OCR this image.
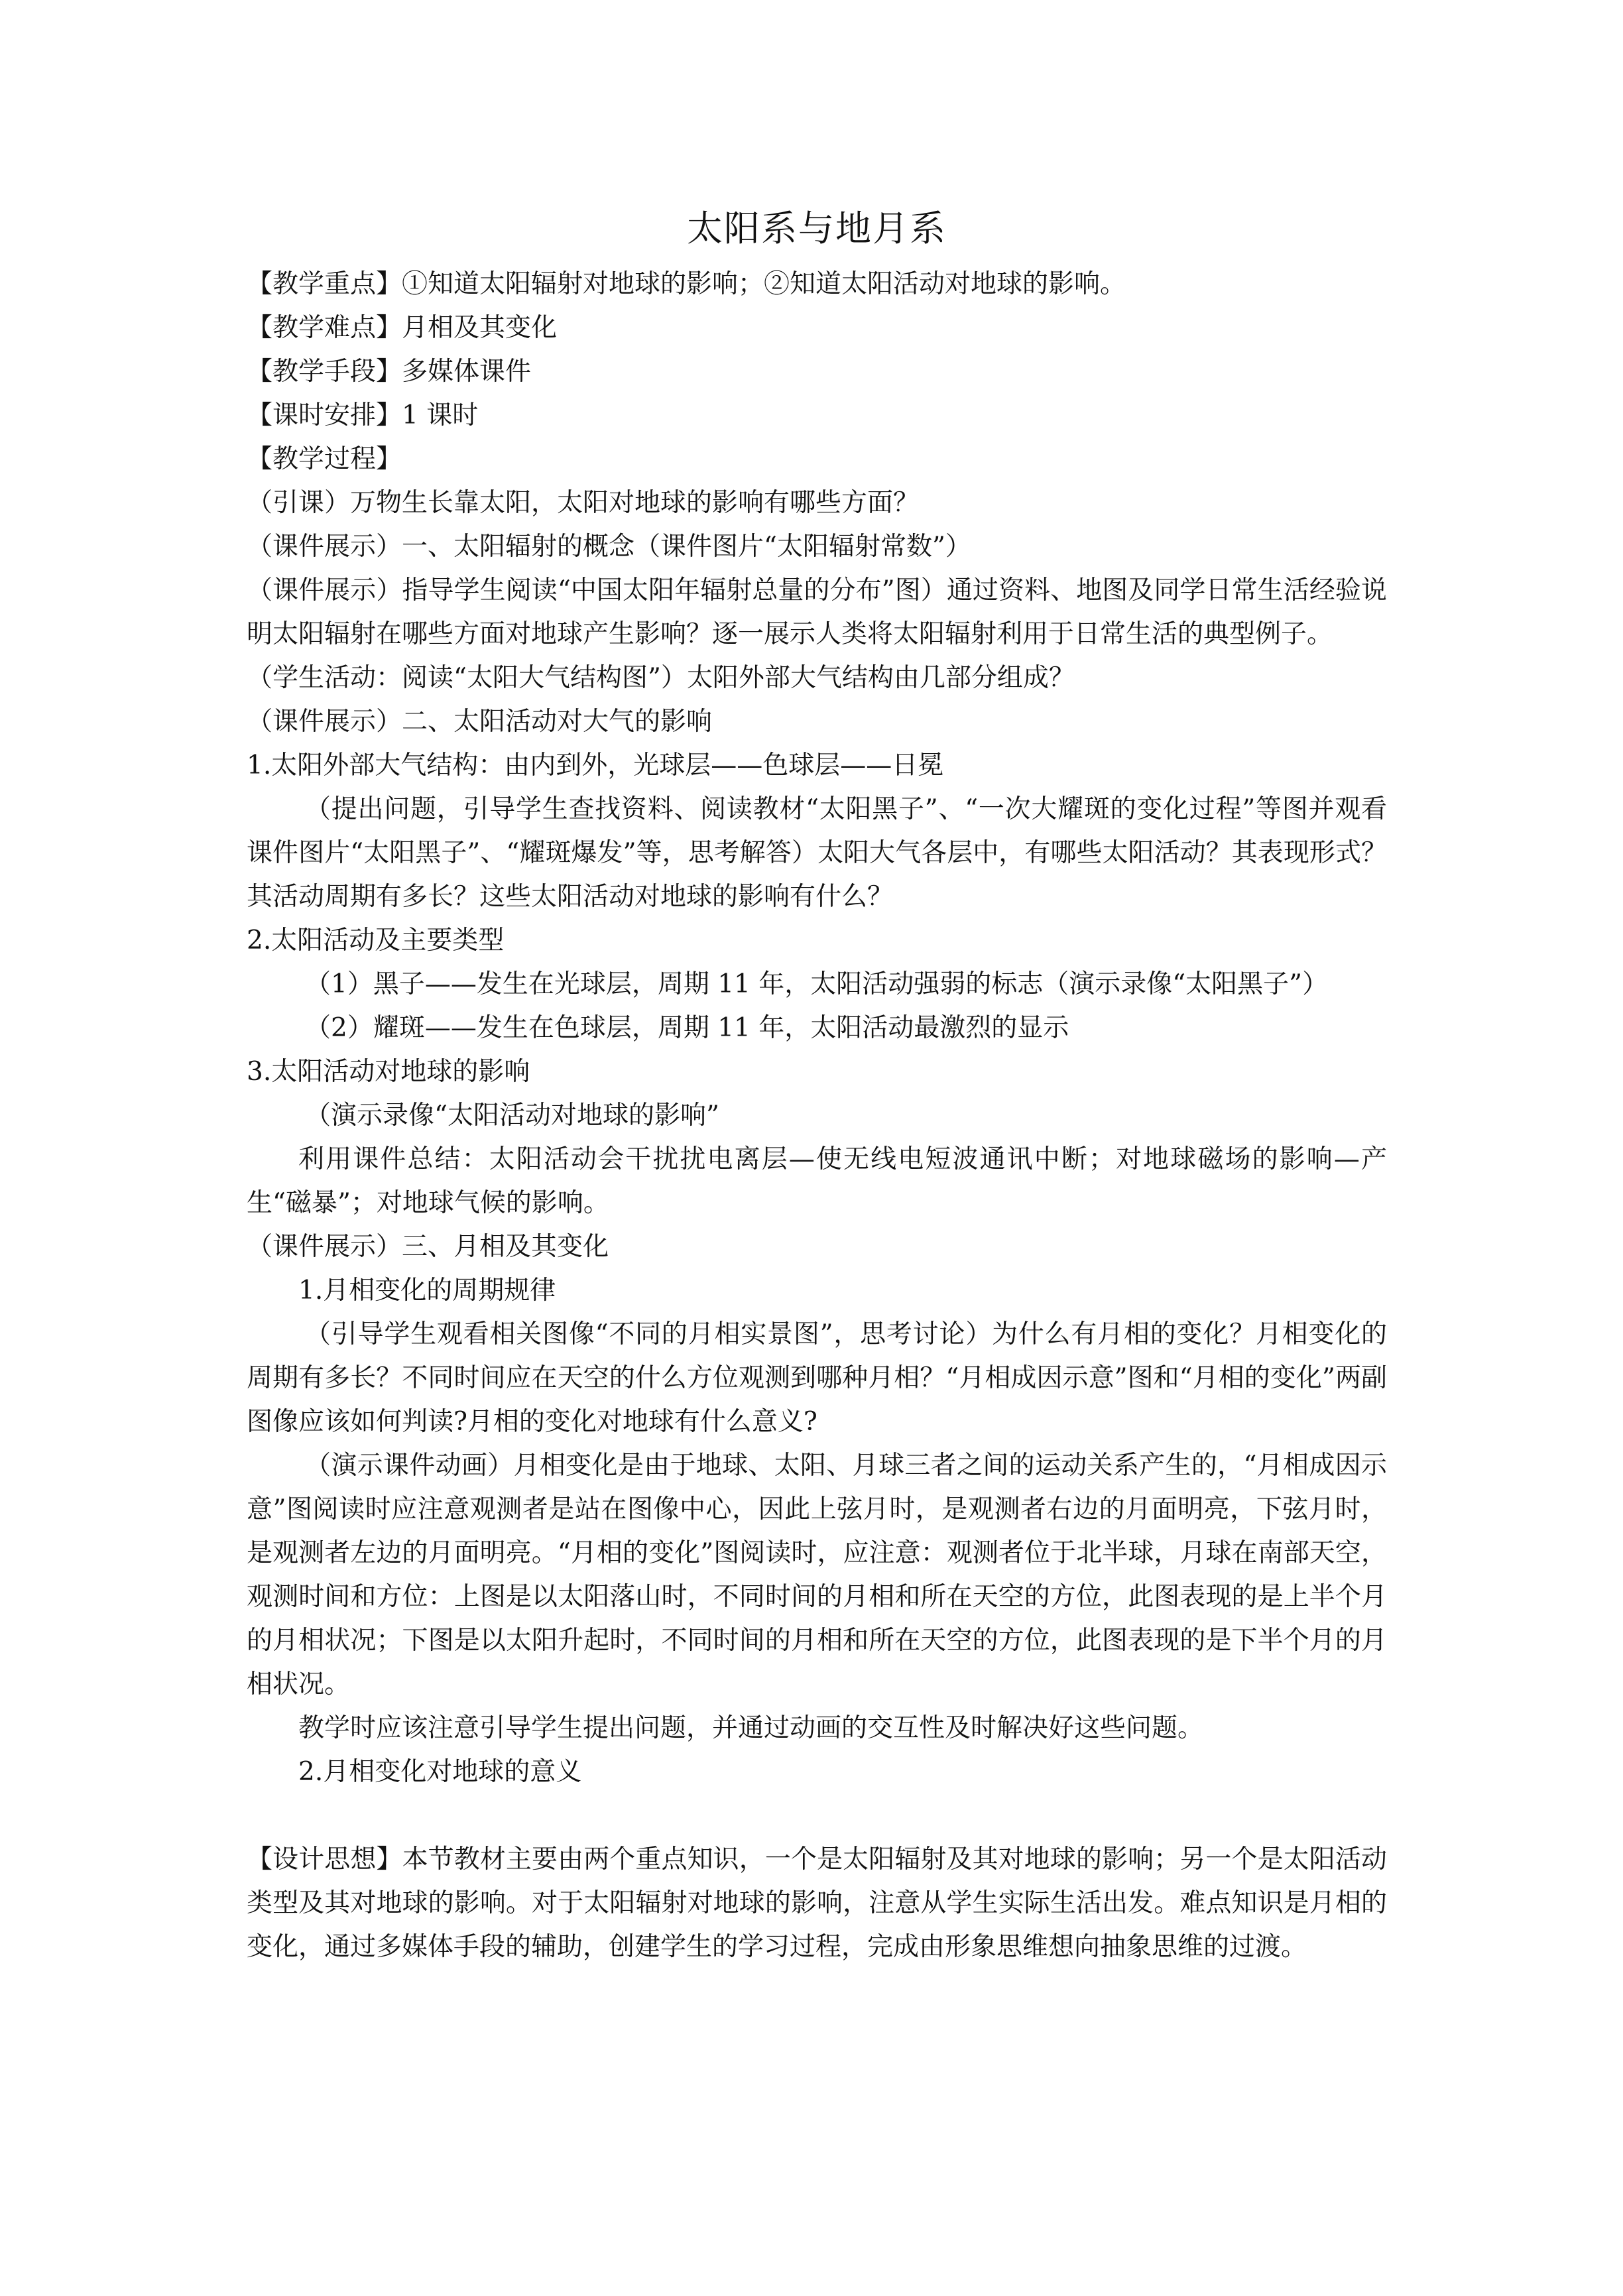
太阳系与地月系

【教学重点】①知道太阳辐射对地球的影响；②知道太阳活动对地球的影响。

【教学难点】月相及其变化

【教学手段】多媒体课件

【课时安排】1 课时

【教学过程】

（引课）万物生长靠太阳，太阳对地球的影响有哪些方面？

（课件展示）一、太阳辐射的概念（课件图片“太阳辐射常数”）

（课件展示）指导学生阅读“中国太阳年辐射总量的分布”图）通过资料、地图及同学日常生活经验说明太阳辐射在哪些方面对地球产生影响？逐一展示人类将太阳辐射利用于日常生活的典型例子。

（学生活动：阅读“太阳大气结构图”）太阳外部大气结构由几部分组成？

（课件展示）二、太阳活动对大气的影响

1.太阳外部大气结构：由内到外，光球层——色球层——日冕

（提出问题，引导学生查找资料、阅读教材“太阳黑子”、“一次大耀斑的变化过程”等图并观看课件图片“太阳黑子”、“耀斑爆发”等，思考解答）太阳大气各层中，有哪些太阳活动？其表现形式？其活动周期有多长？这些太阳活动对地球的影响有什么？

2.太阳活动及主要类型

（1）黑子——发生在光球层，周期 11 年，太阳活动强弱的标志（演示录像“太阳黑子”）

（2）耀斑——发生在色球层，周期 11 年，太阳活动最激烈的显示

3.太阳活动对地球的影响

（演示录像“太阳活动对地球的影响”

利用课件总结：太阳活动会干扰扰电离层—使无线电短波通讯中断；对地球磁场的影响—产生“磁暴”；对地球气候的影响。

（课件展示）三、月相及其变化

1.月相变化的周期规律

（引导学生观看相关图像“不同的月相实景图”，思考讨论）为什么有月相的变化？月相变化的周期有多长？不同时间应在天空的什么方位观测到哪种月相？“月相成因示意”图和“月相的变化”两副图像应该如何判读?月相的变化对地球有什么意义?

（演示课件动画）月相变化是由于地球、太阳、月球三者之间的运动关系产生的，“月相成因示意”图阅读时应注意观测者是站在图像中心，因此上弦月时，是观测者右边的月面明亮，下弦月时，是观测者左边的月面明亮。“月相的变化”图阅读时，应注意：观测者位于北半球，月球在南部天空，观测时间和方位：上图是以太阳落山时，不同时间的月相和所在天空的方位，此图表现的是上半个月的月相状况；下图是以太阳升起时，不同时间的月相和所在天空的方位，此图表现的是下半个月的月相状况。

教学时应该注意引导学生提出问题，并通过动画的交互性及时解决好这些问题。

2.月相变化对地球的意义

【设计思想】本节教材主要由两个重点知识，一个是太阳辐射及其对地球的影响；另一个是太阳活动类型及其对地球的影响。对于太阳辐射对地球的影响，注意从学生实际生活出发。难点知识是月相的变化，通过多媒体手段的辅助，创建学生的学习过程，完成由形象思维想向抽象思维的过渡。
